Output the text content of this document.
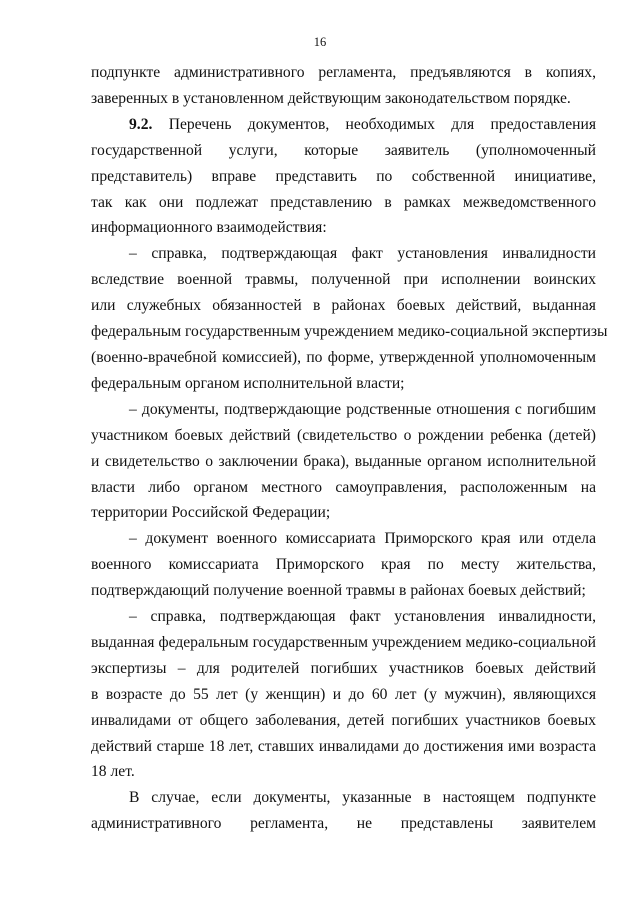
16
подпункте административного регламента, предъявляются в копиях,
заверенных в установленном действующим законодательством порядке.
9.2. Перечень документов, необходимых для предоставления
государственной услуги, которые заявитель (уполномоченный
представитель) вправе представить по собственной инициативе,
так как они подлежат представлению в рамках межведомственного
информационного взаимодействия:
– справка, подтверждающая факт установления инвалидности
вследствие военной травмы, полученной при исполнении воинских
или служебных обязанностей в районах боевых действий, выданная
федеральным государственным учреждением медико-социальной экспертизы
(военно-врачебной комиссией), по форме, утвержденной уполномоченным
федеральным органом исполнительной власти;
– документы, подтверждающие родственные отношения с погибшим
участником боевых действий (свидетельство о рождении ребенка (детей)
и свидетельство о заключении брака), выданные органом исполнительной
власти либо органом местного самоуправления, расположенным на
территории Российской Федерации;
– документ военного комиссариата Приморского края или отдела
военного комиссариата Приморского края по месту жительства,
подтверждающий получение военной травмы в районах боевых действий;
– справка, подтверждающая факт установления инвалидности,
выданная федеральным государственным учреждением медико-социальной
экспертизы – для родителей погибших участников боевых действий
в возрасте до 55 лет (у женщин) и до 60 лет (у мужчин), являющихся
инвалидами от общего заболевания, детей погибших участников боевых
действий старше 18 лет, ставших инвалидами до достижения ими возраста
18 лет.
В случае, если документы, указанные в настоящем подпункте
административного регламента, не представлены заявителем
